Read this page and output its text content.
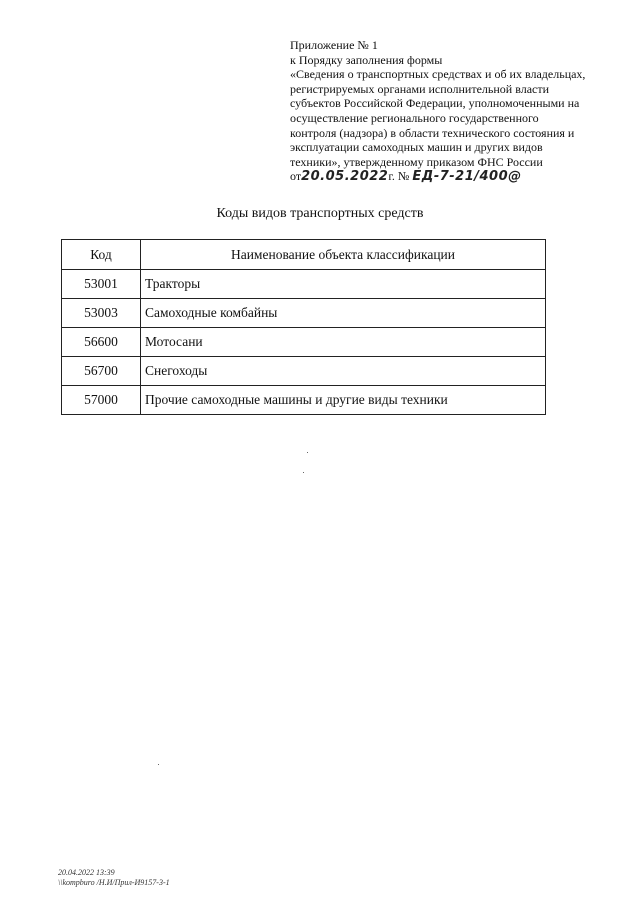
Приложение № 1
к Порядку заполнения формы
«Сведения о транспортных средствах и об их владельцах,
регистрируемых органами исполнительной власти
субъектов Российской Федерации, уполномоченными на
осуществление регионального государственного
контроля (надзора) в области технического состояния и
эксплуатации самоходных машин и других видов
техники», утвержденному приказом ФНС России
от20.05.2022г. № ЕД-7-21/400@
Коды видов транспортных средств
Код	Наименование объекта классификации
53001	Тракторы
53003	Самоходные комбайны
56600	Мотосани
56700	Снегоходы
57000	Прочие самоходные машины и другие виды техники
20.04.2022 13:39
\\kompburo /Н.И/Прил-И9157-3-1
